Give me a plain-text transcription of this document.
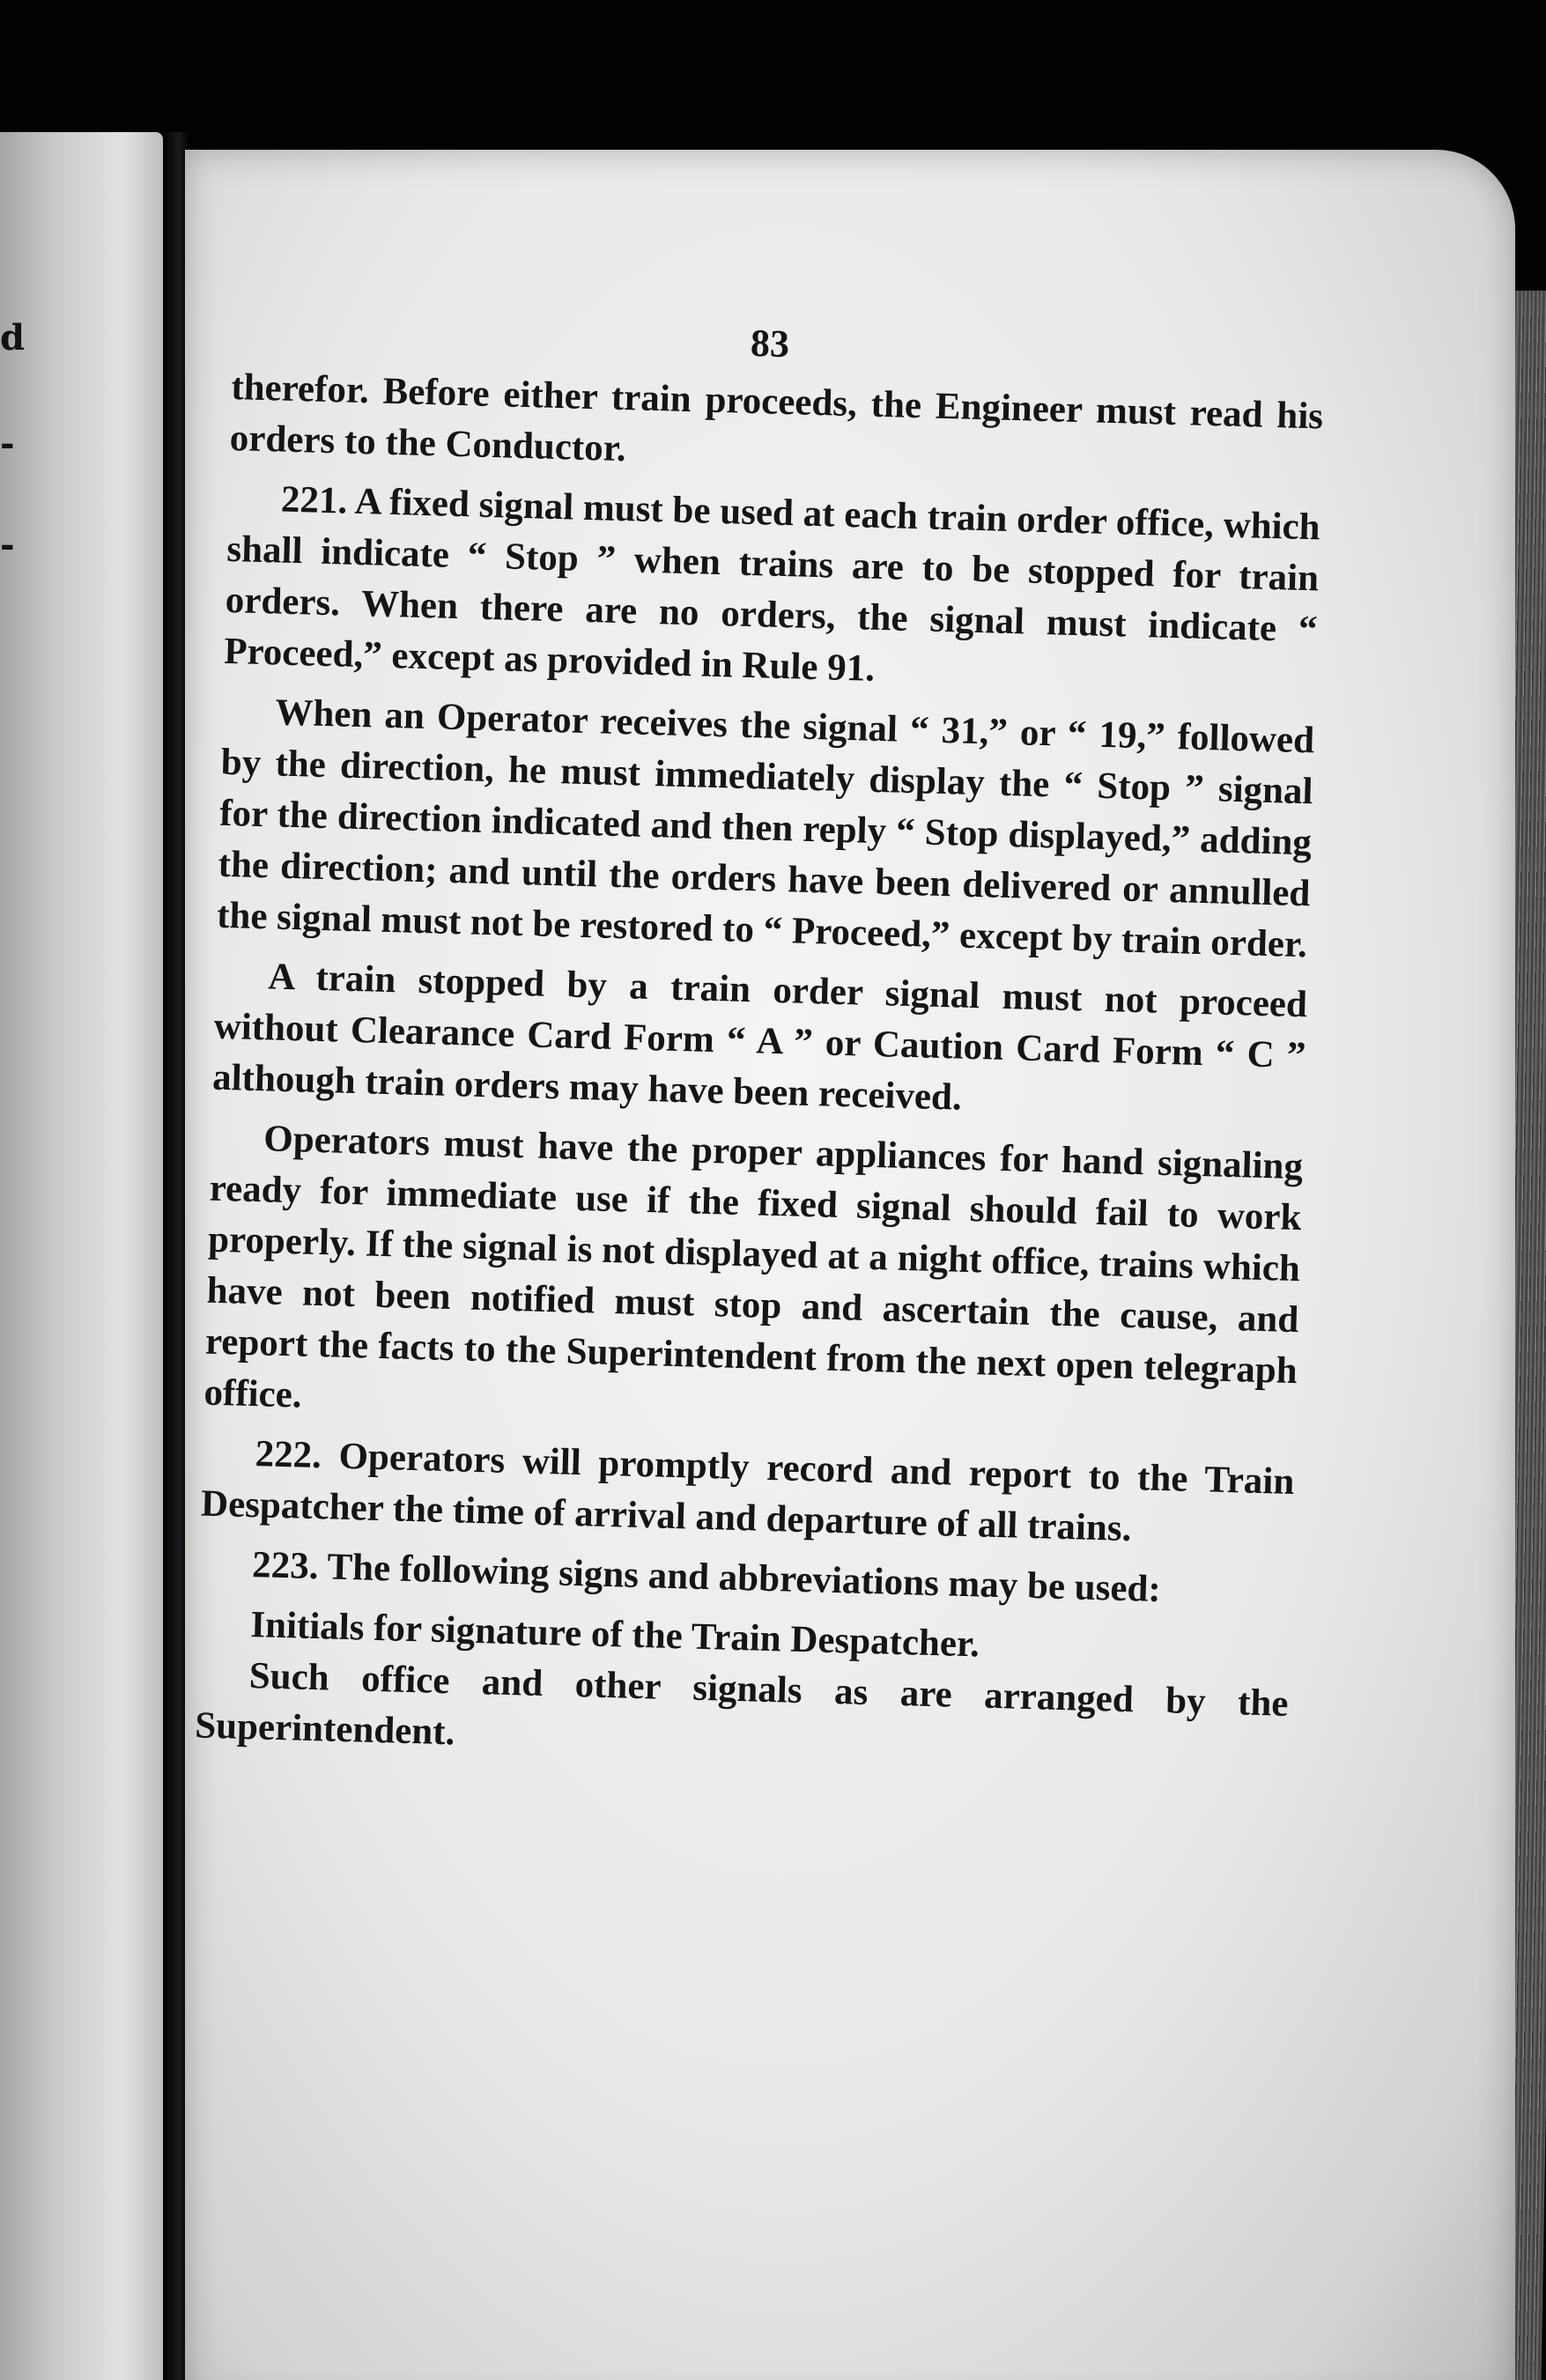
d
-
-
83

therefor. Before either train proceeds, the Engineer must read his orders to the Conductor.

221. A fixed signal must be used at each train order office, which shall indicate “ Stop ” when trains are to be stopped for train orders. When there are no orders, the signal must indicate “ Proceed,” except as provided in Rule 91.

When an Operator receives the signal “ 31,” or “ 19,” followed by the direction, he must immediately display the “ Stop ” signal for the direction indicated and then reply “ Stop displayed,” adding the direction; and until the orders have been delivered or annulled the signal must not be restored to “ Proceed,” except by train order.

A train stopped by a train order signal must not proceed without Clearance Card Form “ A ” or Caution Card Form “ C ” although train orders may have been received.

Operators must have the proper appliances for hand signaling ready for immediate use if the fixed signal should fail to work properly. If the signal is not displayed at a night office, trains which have not been notified must stop and ascertain the cause, and report the facts to the Superintendent from the next open telegraph office.

222. Operators will promptly record and report to the Train Despatcher the time of arrival and departure of all trains.

223. The following signs and abbreviations may be used:

Initials for signature of the Train Despatcher.

Such office and other signals as are arranged by the Superintendent.
